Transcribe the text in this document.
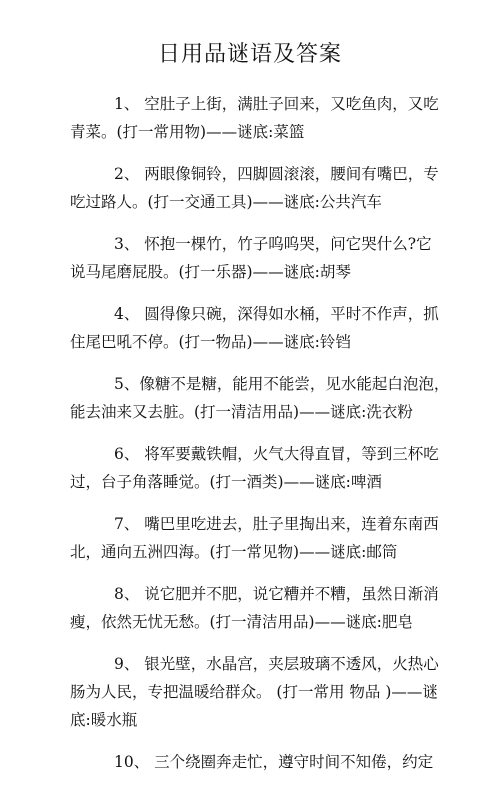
日用品谜语及答案
1、 空肚子上街，满肚子回来，又吃鱼肉，又吃
青菜。(打一常用物)——谜底:菜篮
2、 两眼像铜铃，四脚圆滚滚，腰间有嘴巴，专
吃过路人。(打一交通工具)——谜底:公共汽车
3、 怀抱一棵竹，竹子呜呜哭，问它哭什么?它
说马尾磨屁股。(打一乐器)——谜底:胡琴
4、 圆得像只碗，深得如水桶，平时不作声，抓
住尾巴吼不停。(打一物品)——谜底:铃铛
5、像糖不是糖，能用不能尝，见水能起白泡泡，
能去油来又去脏。(打一清洁用品)——谜底:洗衣粉
6、 将军要戴铁帽，火气大得直冒，等到三杯吃
过，台子角落睡觉。(打一酒类)——谜底:啤酒
7、 嘴巴里吃进去，肚子里掏出来，连着东南西
北，通向五洲四海。(打一常见物)——谜底:邮筒
8、 说它肥并不肥，说它糟并不糟，虽然日渐消
瘦，依然无忧无愁。(打一清洁用品)——谜底:肥皂
9、 银光壁，水晶宫，夹层玻璃不透风，火热心
肠为人民，专把温暖给群众。 (打一常用 物品 )——谜
底:暖水瓶
10、 三个绕圈奔走忙，遵守时间不知倦，约定
